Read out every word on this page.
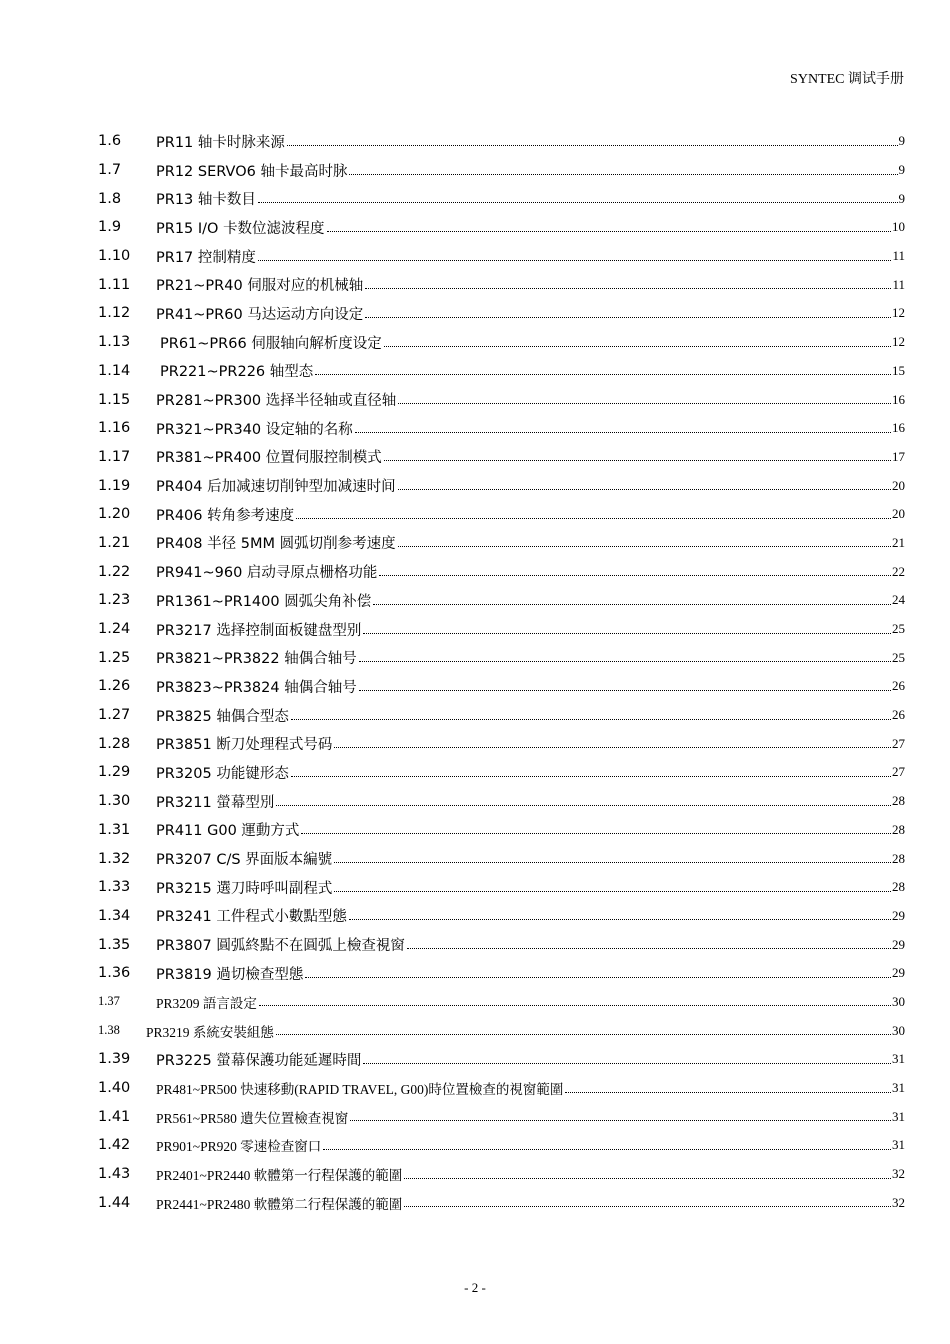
SYNTEC 调试手册
1.6	PR11 轴卡时脉来源	9
1.7	PR12 SERVO6 轴卡最高时脉	9
1.8	PR13 轴卡数目	9
1.9	PR15 I/O 卡数位滤波程度	10
1.10	PR17 控制精度	11
1.11	PR21~PR40 伺服对应的机械轴	11
1.12	PR41~PR60 马达运动方向设定	12
1.13	PR61~PR66 伺服轴向解析度设定	12
1.14	PR221~PR226 轴型态	15
1.15	PR281~PR300 选择半径轴或直径轴	16
1.16	PR321~PR340 设定轴的名称	16
1.17	PR381~PR400 位置伺服控制模式	17
1.19	PR404 后加减速切削钟型加减速时间	20
1.20	PR406 转角参考速度	20
1.21	PR408 半径 5MM 圆弧切削参考速度	21
1.22	PR941~960 启动寻原点栅格功能	22
1.23	PR1361~PR1400 圆弧尖角补偿	24
1.24	PR3217 选择控制面板键盘型别	25
1.25	PR3821~PR3822 轴偶合轴号	25
1.26	PR3823~PR3824 轴偶合轴号	26
1.27	PR3825 轴偶合型态	26
1.28	PR3851 断刀处理程式号码	27
1.29	PR3205 功能键形态	27
1.30	PR3211 螢幕型別	28
1.31	PR411 G00 運動方式	28
1.32	PR3207 C/S 界面版本編號	28
1.33	PR3215 選刀時呼叫副程式	28
1.34	PR3241 工件程式小數點型態	29
1.35	PR3807 圓弧終點不在圓弧上檢查視窗	29
1.36	PR3819 過切檢查型態	29
1.37	PR3209 語言設定	30
1.38	PR3219 系統安裝組態	30
1.39	PR3225 螢幕保護功能延遲時間	31
1.40	PR481~PR500 快速移動(RAPID TRAVEL, G00)時位置檢查的視窗範圍	31
1.41	PR561~PR580 遺失位置檢查視窗	31
1.42	PR901~PR920 零速检查窗口	31
1.43	PR2401~PR2440 軟體第一行程保護的範圍	32
1.44	PR2441~PR2480 軟體第二行程保護的範圍	32
- 2 -
